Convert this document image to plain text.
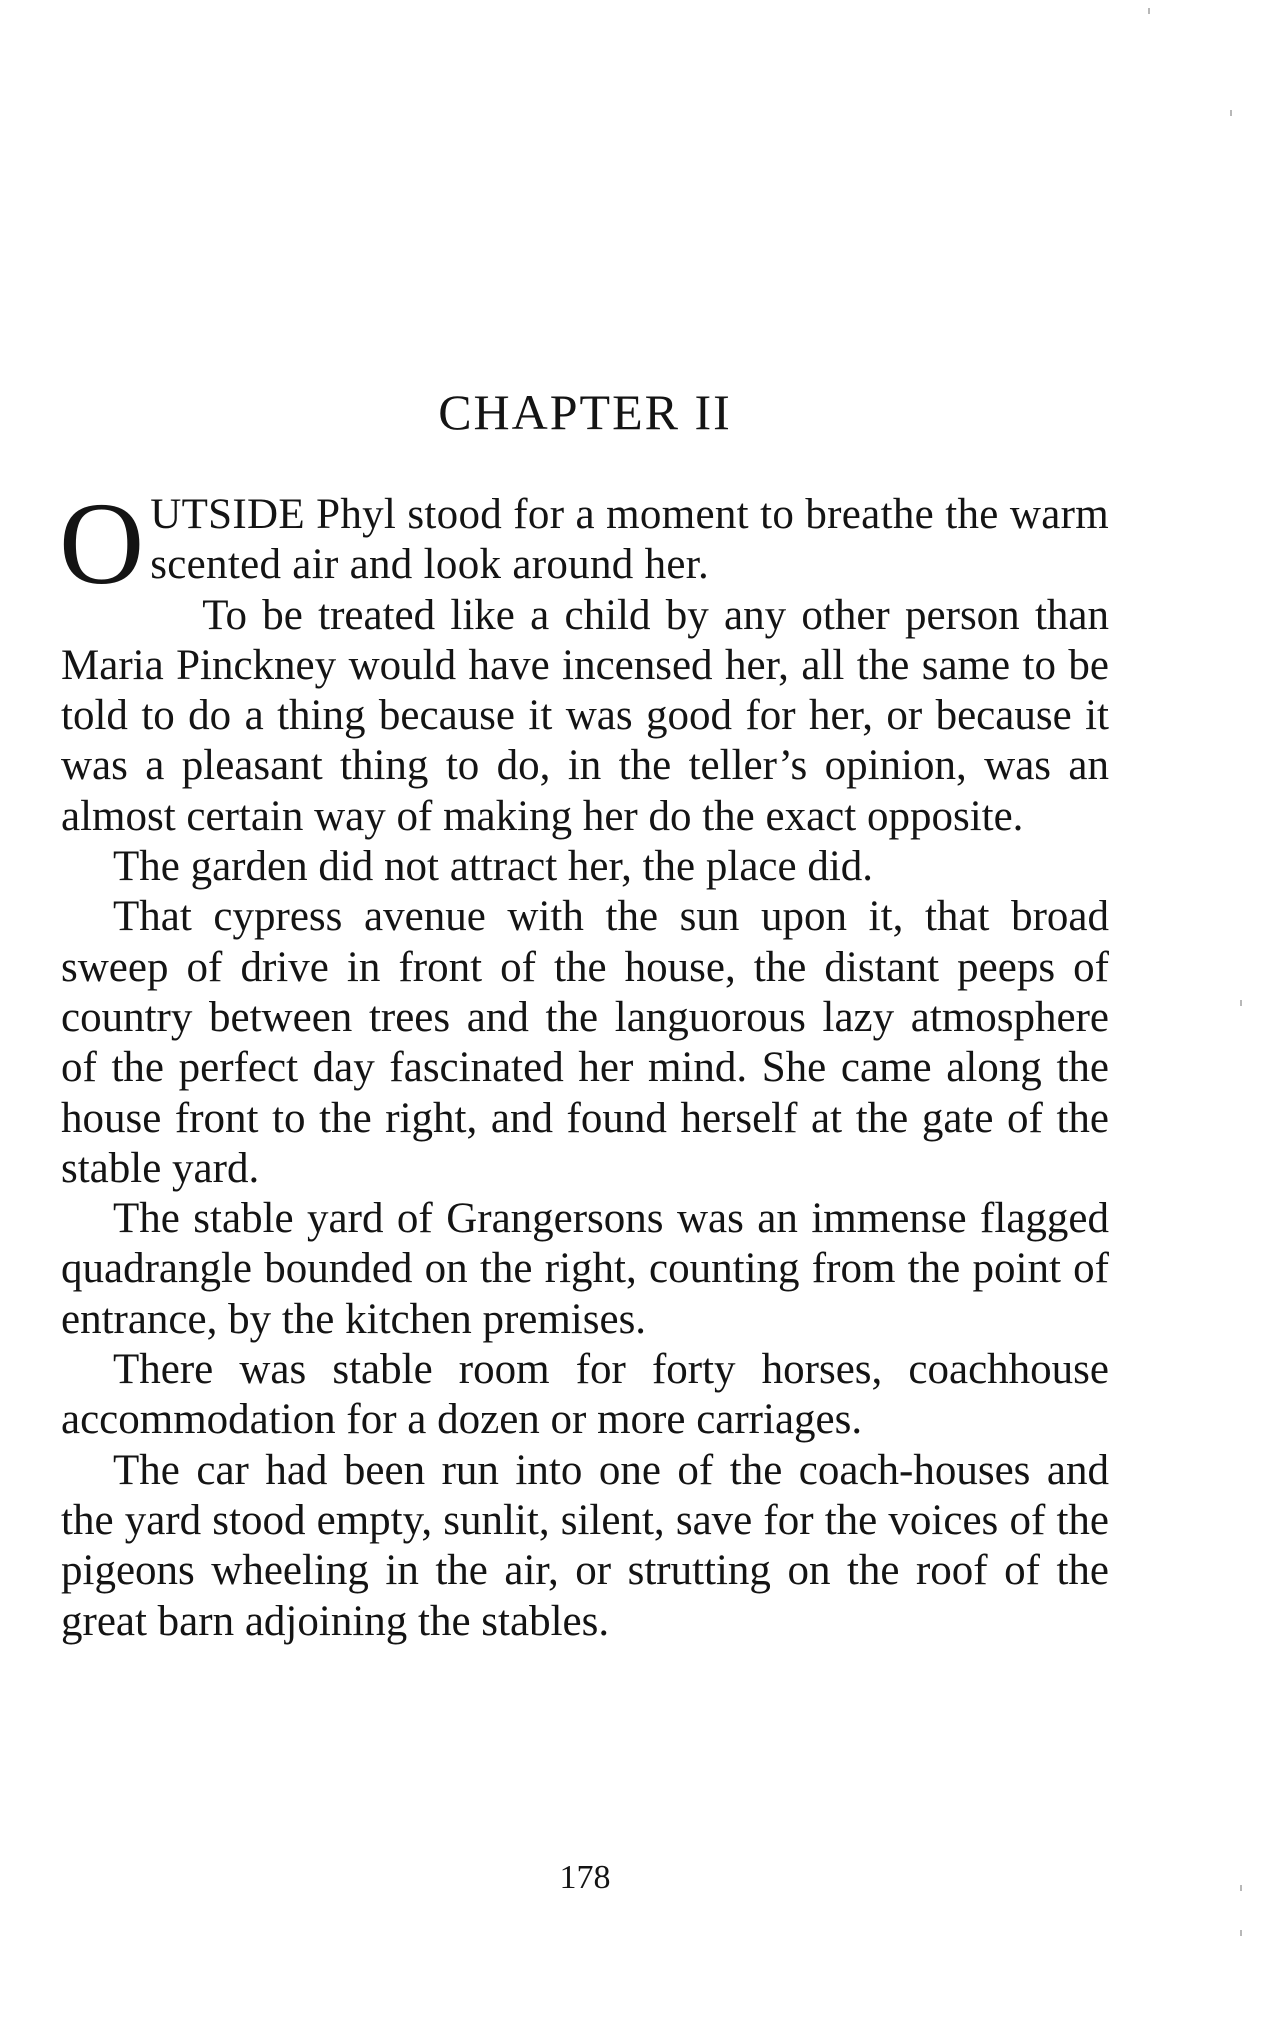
CHAPTER II

OUTSIDE Phyl stood for a moment to breathe the warm scented air and look around her.

To be treated like a child by any other person than Maria Pinckney would have incensed her, all the same to be told to do a thing because it was good for her, or because it was a pleasant thing to do, in the teller’s opinion, was an almost certain way of making her do the exact opposite.

The garden did not attract her, the place did.

That cypress avenue with the sun upon it, that broad sweep of drive in front of the house, the distant peeps of country between trees and the languorous lazy atmosphere of the perfect day fascinated her mind. She came along the house front to the right, and found herself at the gate of the stable yard.

The stable yard of Grangersons was an immense flagged quadrangle bounded on the right, counting from the point of entrance, by the kitchen premises.

There was stable room for forty horses, coachhouse accommodation for a dozen or more carriages.

The car had been run into one of the coach-houses and the yard stood empty, sunlit, silent, save for the voices of the pigeons wheeling in the air, or strutting on the roof of the great barn adjoining the stables.

178
